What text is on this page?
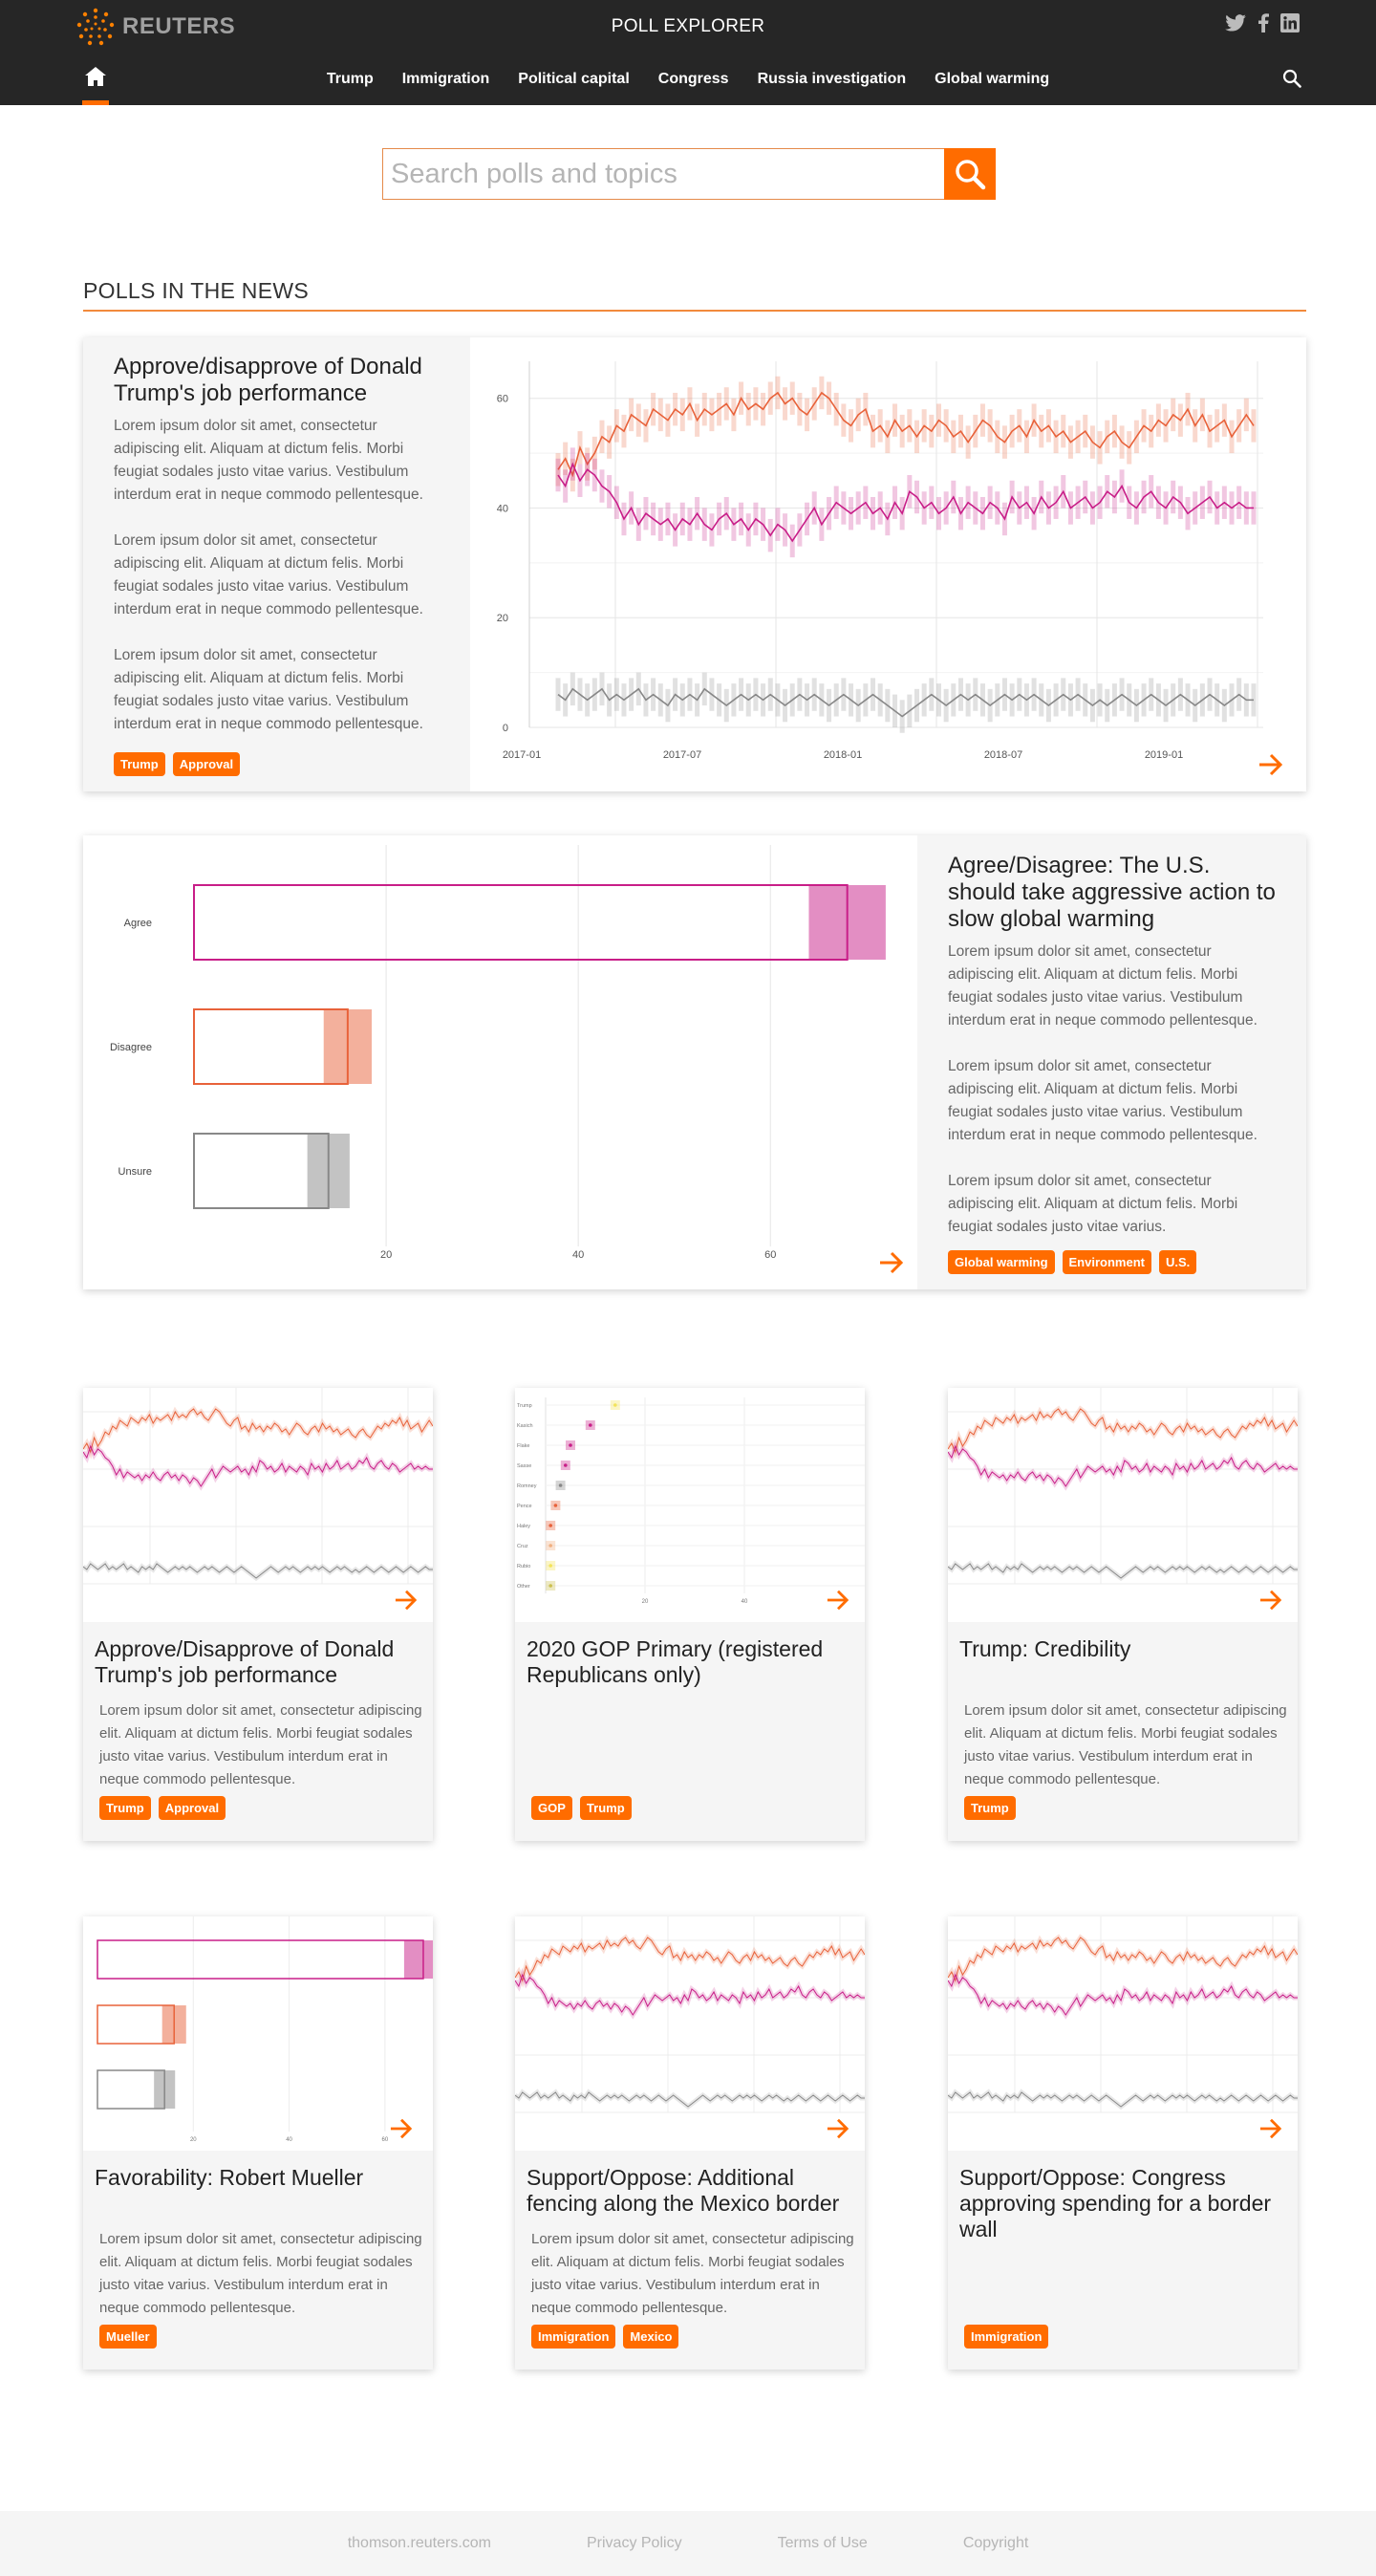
REUTERS	POLL EXPLORER
Trump	Immigration	Political capital	Congress	Russia investigation	Global warming
Search polls and topics
POLLS IN THE NEWS
Approve/disapprove of Donald Trump's job performance

Lorem ipsum dolor sit amet, consectetur adipiscing elit. Aliquam at dictum felis. Morbi feugiat sodales justo vitae varius. Vestibulum interdum erat in neque commodo pellentesque.

Lorem ipsum dolor sit amet, consectetur adipiscing elit. Aliquam at dictum felis. Morbi feugiat sodales justo vitae varius. Vestibulum interdum erat in neque commodo pellentesque.

Lorem ipsum dolor sit amet, consectetur adipiscing elit. Aliquam at dictum felis. Morbi feugiat sodales justo vitae varius. Vestibulum interdum erat in neque commodo pellentesque.

Trump	Approval
0
20
40
60
2017-01	2017-07	2018-01	2018-07	2019-01
20	40	60
Agree
Disagree
Unsure
Agree/Disagree: The U.S. should take aggressive action to slow global warming

Lorem ipsum dolor sit amet, consectetur adipiscing elit. Aliquam at dictum felis. Morbi feugiat sodales justo vitae varius. Vestibulum interdum erat in neque commodo pellentesque.

Lorem ipsum dolor sit amet, consectetur adipiscing elit. Aliquam at dictum felis. Morbi feugiat sodales justo vitae varius. Vestibulum interdum erat in neque commodo pellentesque.

Lorem ipsum dolor sit amet, consectetur adipiscing elit. Aliquam at dictum felis. Morbi feugiat sodales justo vitae varius.

Global warming	Environment	U.S.
Approve/Disapprove of Donald Trump's job performance
Lorem ipsum dolor sit amet, consectetur adipiscing elit. Aliquam at dictum felis. Morbi feugiat sodales justo vitae varius. Vestibulum interdum erat in neque commodo pellentesque.
Trump	Approval
20	40
Trump
Kasich
Flake
Sasse
Romney
Pence
Haley
Cruz
Rubio
Other
2020 GOP Primary (registered Republicans only)
GOP	Trump
Trump: Credibility
Lorem ipsum dolor sit amet, consectetur adipiscing elit. Aliquam at dictum felis. Morbi feugiat sodales justo vitae varius. Vestibulum interdum erat in neque commodo pellentesque.
Trump
20	40	60
Favorability: Robert Mueller
Lorem ipsum dolor sit amet, consectetur adipiscing elit. Aliquam at dictum felis. Morbi feugiat sodales justo vitae varius. Vestibulum interdum erat in neque commodo pellentesque.
Mueller
Support/Oppose: Additional fencing along the Mexico border
Lorem ipsum dolor sit amet, consectetur adipiscing elit. Aliquam at dictum felis. Morbi feugiat sodales justo vitae varius. Vestibulum interdum erat in neque commodo pellentesque.
Immigration	Mexico
Support/Oppose: Congress approving spending for a border wall
Immigration
thomson.reuters.com	Privacy Policy	Terms of Use	Copyright
